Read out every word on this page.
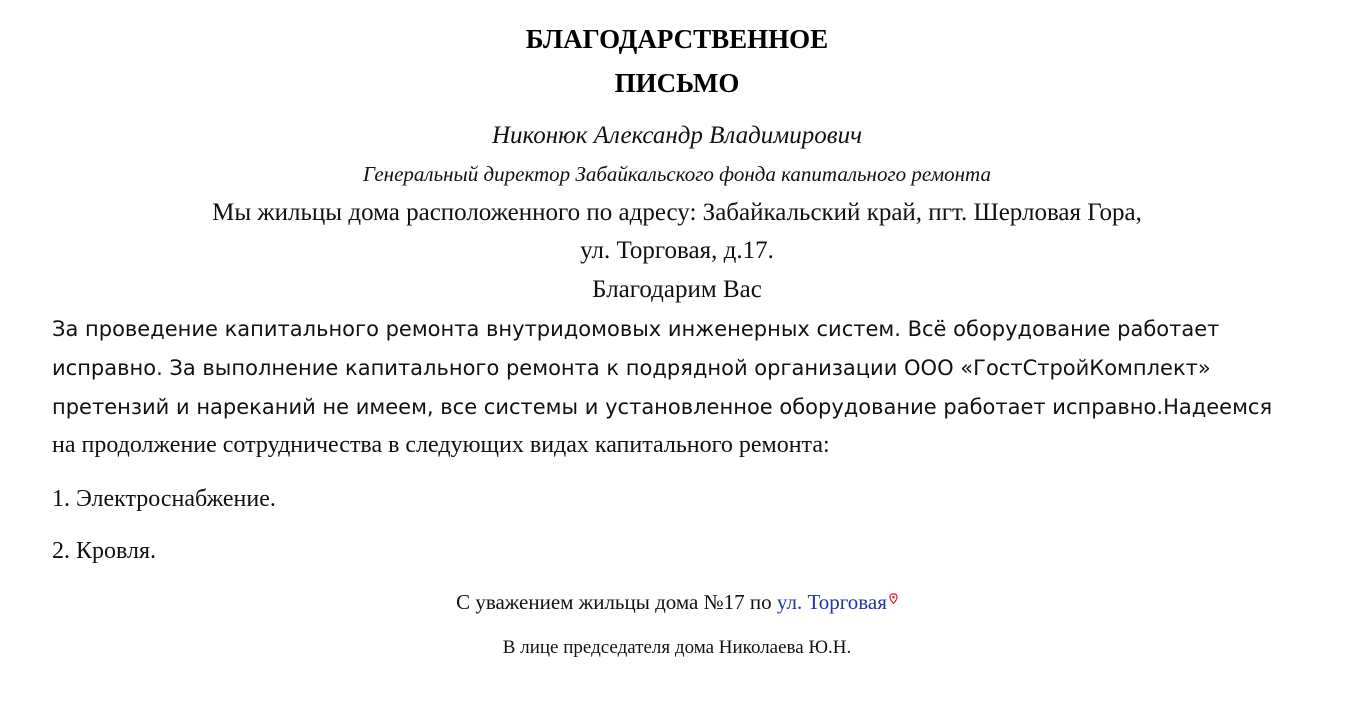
БЛАГОДАРСТВЕННОЕ
ПИСЬМО
Никонюк Александр Владимирович
Генеральный директор Забайкальского фонда капитального ремонта
Мы жильцы дома расположенного по адресу: Забайкальский край, пгт. Шерловая Гора,
ул. Торговая, д.17.
Благодарим Вас
За проведение капитального ремонта внутридомовых инженерных систем. Всё оборудование работает
исправно. За выполнение капитального ремонта к подрядной организации ООО «ГостСтройКомплект»
претензий и нареканий не имеем, все системы и установленное оборудование работает исправно.Надеемся
на продолжение сотрудничества в следующих видах капитального ремонта:
1. Электроснабжение.
2. Кровля.
С уважением жильцы дома №17 по ул. Торговая
В лице председателя дома Николаева Ю.Н.
